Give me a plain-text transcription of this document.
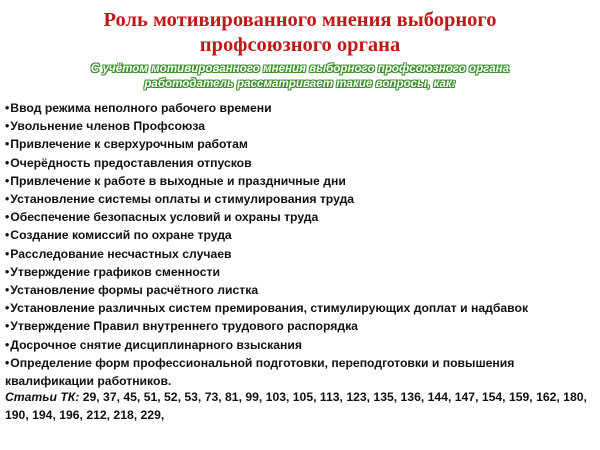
Роль мотивированного мнения выборного
профсоюзного органа
С учётом мотивированного мнения выборного профсоюзного органа
работодатель рассматривает такие вопросы, как:
•Ввод режима неполного рабочего времени
•Увольнение членов Профсоюза
•Привлечение к сверхурочным работам
•Очерёдность предоставления отпусков
•Привлечение к работе в выходные и праздничные дни
•Установление системы оплаты и стимулирования труда
•Обеспечение безопасных условий и охраны труда
•Создание комиссий по охране труда
•Расследование несчастных случаев
•Утверждение графиков сменности
•Установление формы расчётного листка
•Установление различных систем премирования, стимулирующих доплат и надбавок
•Утверждение Правил внутреннего трудового распорядка
•Досрочное снятие дисциплинарного взыскания
•Определение форм профессиональной подготовки, переподготовки и повышения квалификации работников.
Статьи ТК: 29, 37, 45, 51, 52, 53, 73, 81, 99, 103, 105, 113, 123, 135, 136, 144, 147, 154, 159, 162, 180, 190, 194, 196, 212, 218, 229,
